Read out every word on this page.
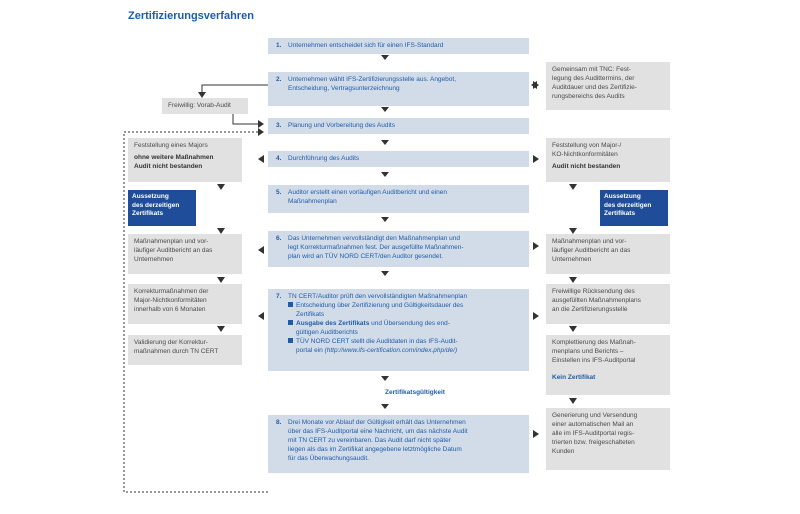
Zertifizierungsverfahren
1. Unternehmen entscheidet sich für einen IFS-Standard
2. Unternehmen wählt IFS-Zertifizierungsstelle aus. Angebot,
Entscheidung, Vertragsunterzeichnung
3. Planung und Vorbereitung des Audits
4. Durchführung des Audits
5. Auditor erstellt einen vorläufigen Auditbericht und einen
Maßnahmenplan
6. Das Unternehmen vervollständigt den Maßnahmenplan und
legt Korrekturmaßnahmen fest. Der ausgefüllte Maßnahmen-
plan wird an TÜV NORD CERT/den Auditor gesendet.
7. TN CERT/Auditor prüft den vervollständigten Maßnahmenplan
Entscheidung über Zertifizierung und Gültigkeitsdauer des
Zertifikats
Ausgabe des Zertifikats und Übersendung des end-
gültigen Auditberichts
TÜV NORD CERT stellt die Auditdaten in das IFS-Audit-
portal ein (http://www.ifs-certification.com/index.php/de/)
Zertifikatsgültigkeit
8. Drei Monate vor Ablauf der Gültigkeit erhält das Unternehmen
über das IFS-Auditportal eine Nachricht, um das nächste Audit
mit TN CERT zu vereinbaren. Das Audit darf nicht später
liegen als das im Zertifikat angegebene letztmögliche Datum
für das Überwachungsaudit.
Freiwillig: Vorab-Audit
Feststellung eines Majors
ohne weitere Maßnahmen
Audit nicht bestanden
Aussetzung
des derzeitigen
Zertifikats
Maßnahmenplan und vor-
läufiger Auditbericht an das
Unternehmen
Korrekturmaßnahmen der
Major-Nichtkonformitäten
innerhalb von 6 Monaten
Validierung der Korrektur-
maßnahmen durch TN CERT
Gemeinsam mit TNC: Fest-
legung des Audittermins, der
Auditdauer und des Zertifizie-
rungsbereichs des Audits
Feststellung von Major-/
KO-Nichtkonformitäten
Audit nicht bestanden
Aussetzung
des derzeitigen
Zertifikats
Maßnahmenplan und vor-
läufiger Auditbericht an das
Unternehmen
Freiwillige Rücksendung des
ausgefüllten Maßnahmenplans
an die Zertifizierungsstelle
Komplettierung des Maßnah-
menplans und Berichts –
Einstellen ins IFS-Auditportal
Kein Zertifikat
Generierung und Versendung
einer automatischen Mail an
alle im IFS-Auditportal regis-
trierten bzw. freigeschalteten
Kunden
